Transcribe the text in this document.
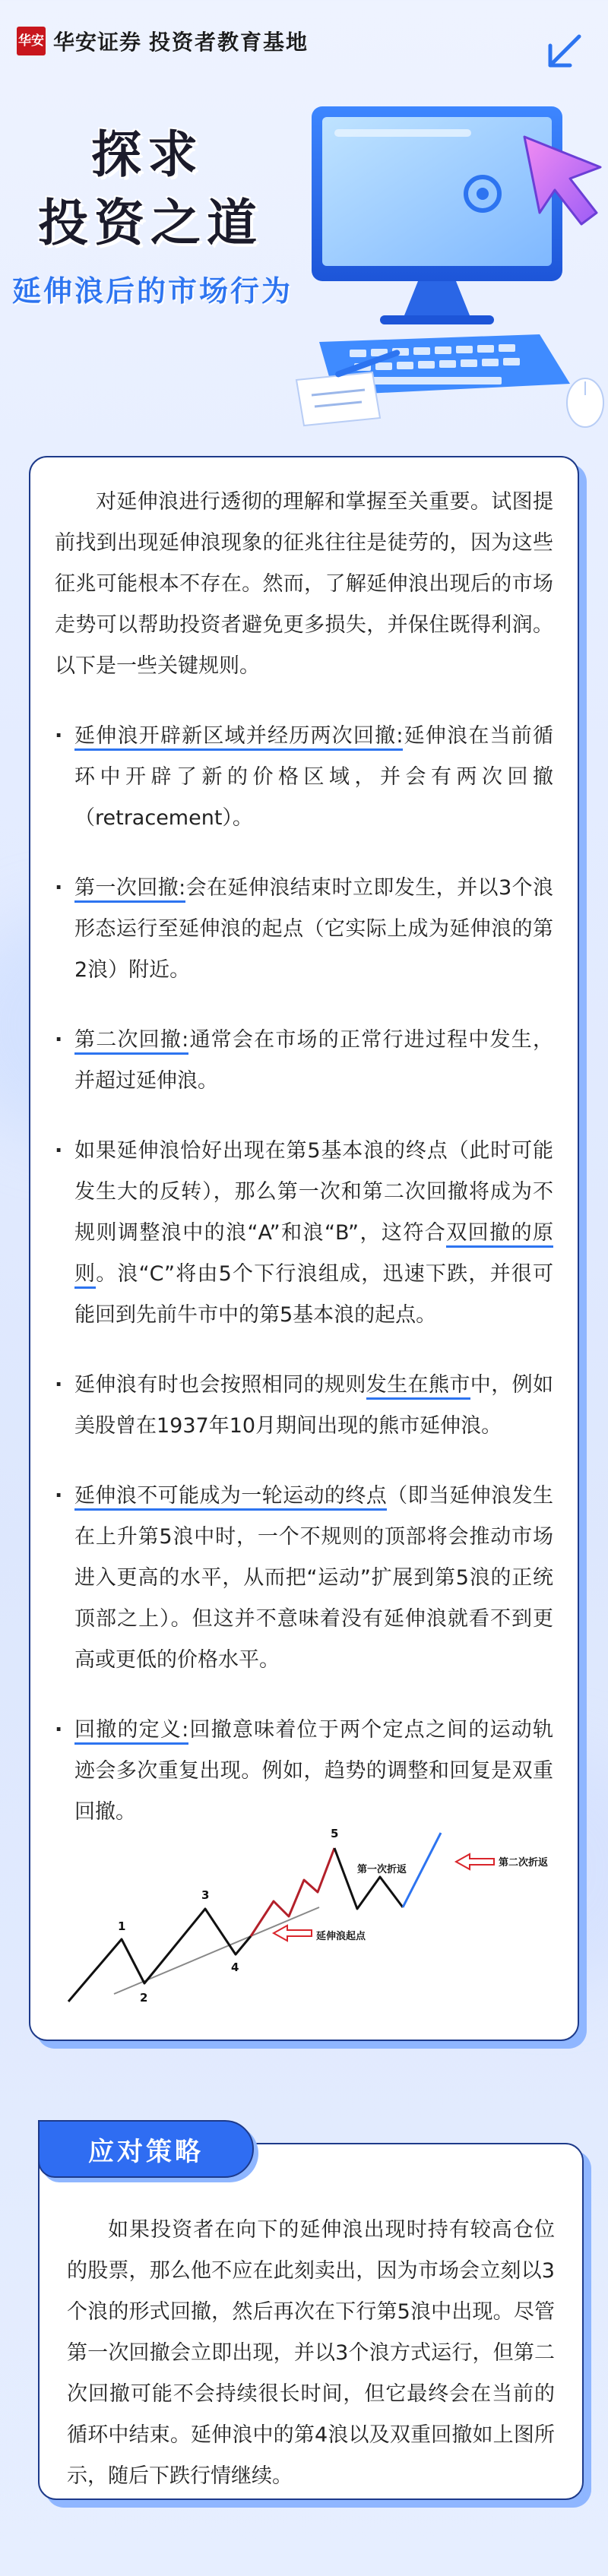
华安 华安证券 投资者教育基地
探求
投资之道
延伸浪后的市场行为

对延伸浪进行透彻的理解和掌握至关重要。试图提前找到出现延伸浪现象的征兆往往是徒劳的，因为这些征兆可能根本不存在。然而，了解延伸浪出现后的市场走势可以帮助投资者避免更多损失，并保住既得利润。以下是一些关键规则。

· 延伸浪开辟新区域并经历两次回撤:延伸浪在当前循环中开辟了新的价格区域，并会有两次回撤（retracement）。
· 第一次回撤:会在延伸浪结束时立即发生，并以3个浪形态运行至延伸浪的起点（它实际上成为延伸浪的第2浪）附近。
· 第二次回撤:通常会在市场的正常行进过程中发生，并超过延伸浪。
· 如果延伸浪恰好出现在第5基本浪的终点（此时可能发生大的反转），那么第一次和第二次回撤将成为不规则调整浪中的浪“A”和浪“B”，这符合双回撤的原则。浪“C”将由5个下行浪组成，迅速下跌，并很可能回到先前牛市中的第5基本浪的起点。
· 延伸浪有时也会按照相同的规则发生在熊市中，例如美股曾在1937年10月期间出现的熊市延伸浪。
· 延伸浪不可能成为一轮运动的终点（即当延伸浪发生在上升第5浪中时，一个不规则的顶部将会推动市场进入更高的水平，从而把“运动”扩展到第5浪的正统顶部之上）。但这并不意味着没有延伸浪就看不到更高或更低的价格水平。
· 回撤的定义:回撤意味着位于两个定点之间的运动轨迹会多次重复出现。例如，趋势的调整和回复是双重回撤。
1
2
3
4
5
延伸浪起点
第一次折返
第二次折返

如果投资者在向下的延伸浪出现时持有较高仓位的股票，那么他不应在此刻卖出，因为市场会立刻以3个浪的形式回撤，然后再次在下行第5浪中出现。尽管第一次回撤会立即出现，并以3个浪方式运行，但第二次回撤可能不会持续很长时间，但它最终会在当前的循环中结束。延伸浪中的第4浪以及双重回撤如上图所示，随后下跌行情继续。

应对策略
